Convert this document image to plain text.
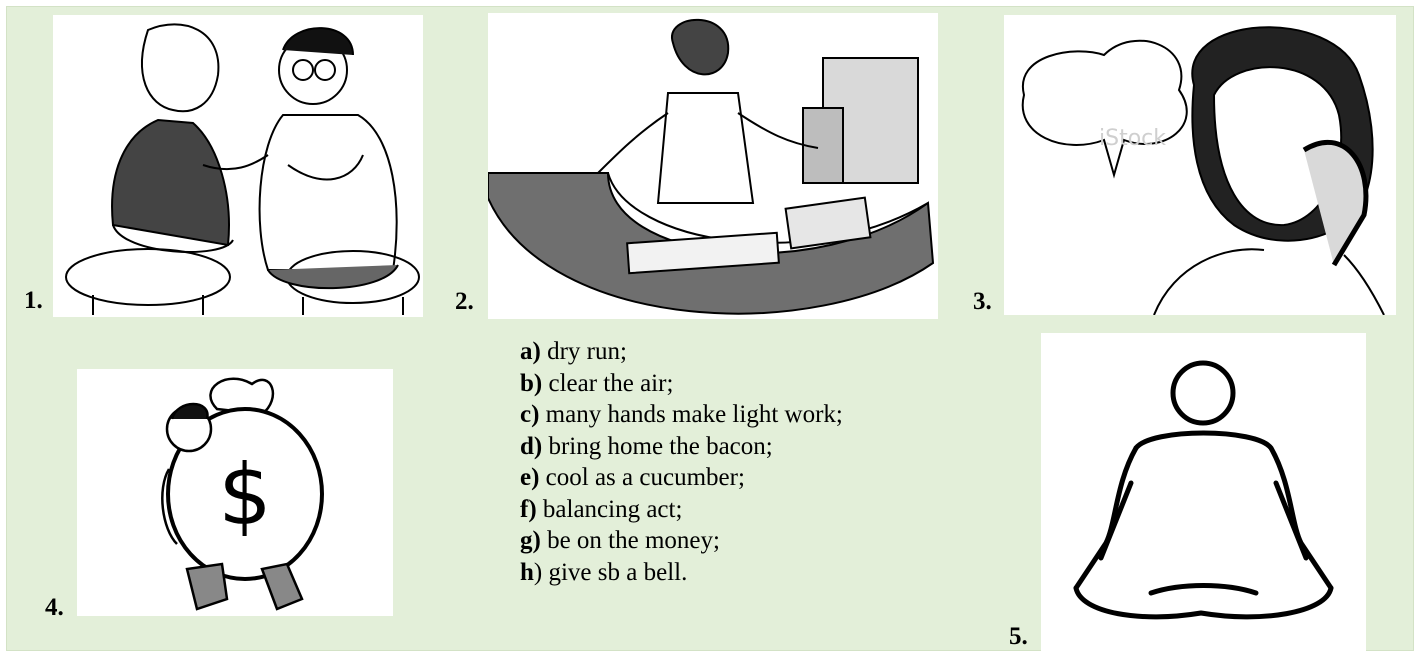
1.	2.
iStock
3.
$
4.
a) dry run;
b) clear the air;
c) many hands make light work;
d) bring home the bacon;
e) cool as a cucumber;
f) balancing act;
g) be on the money;
h) give sb a bell.
5.
